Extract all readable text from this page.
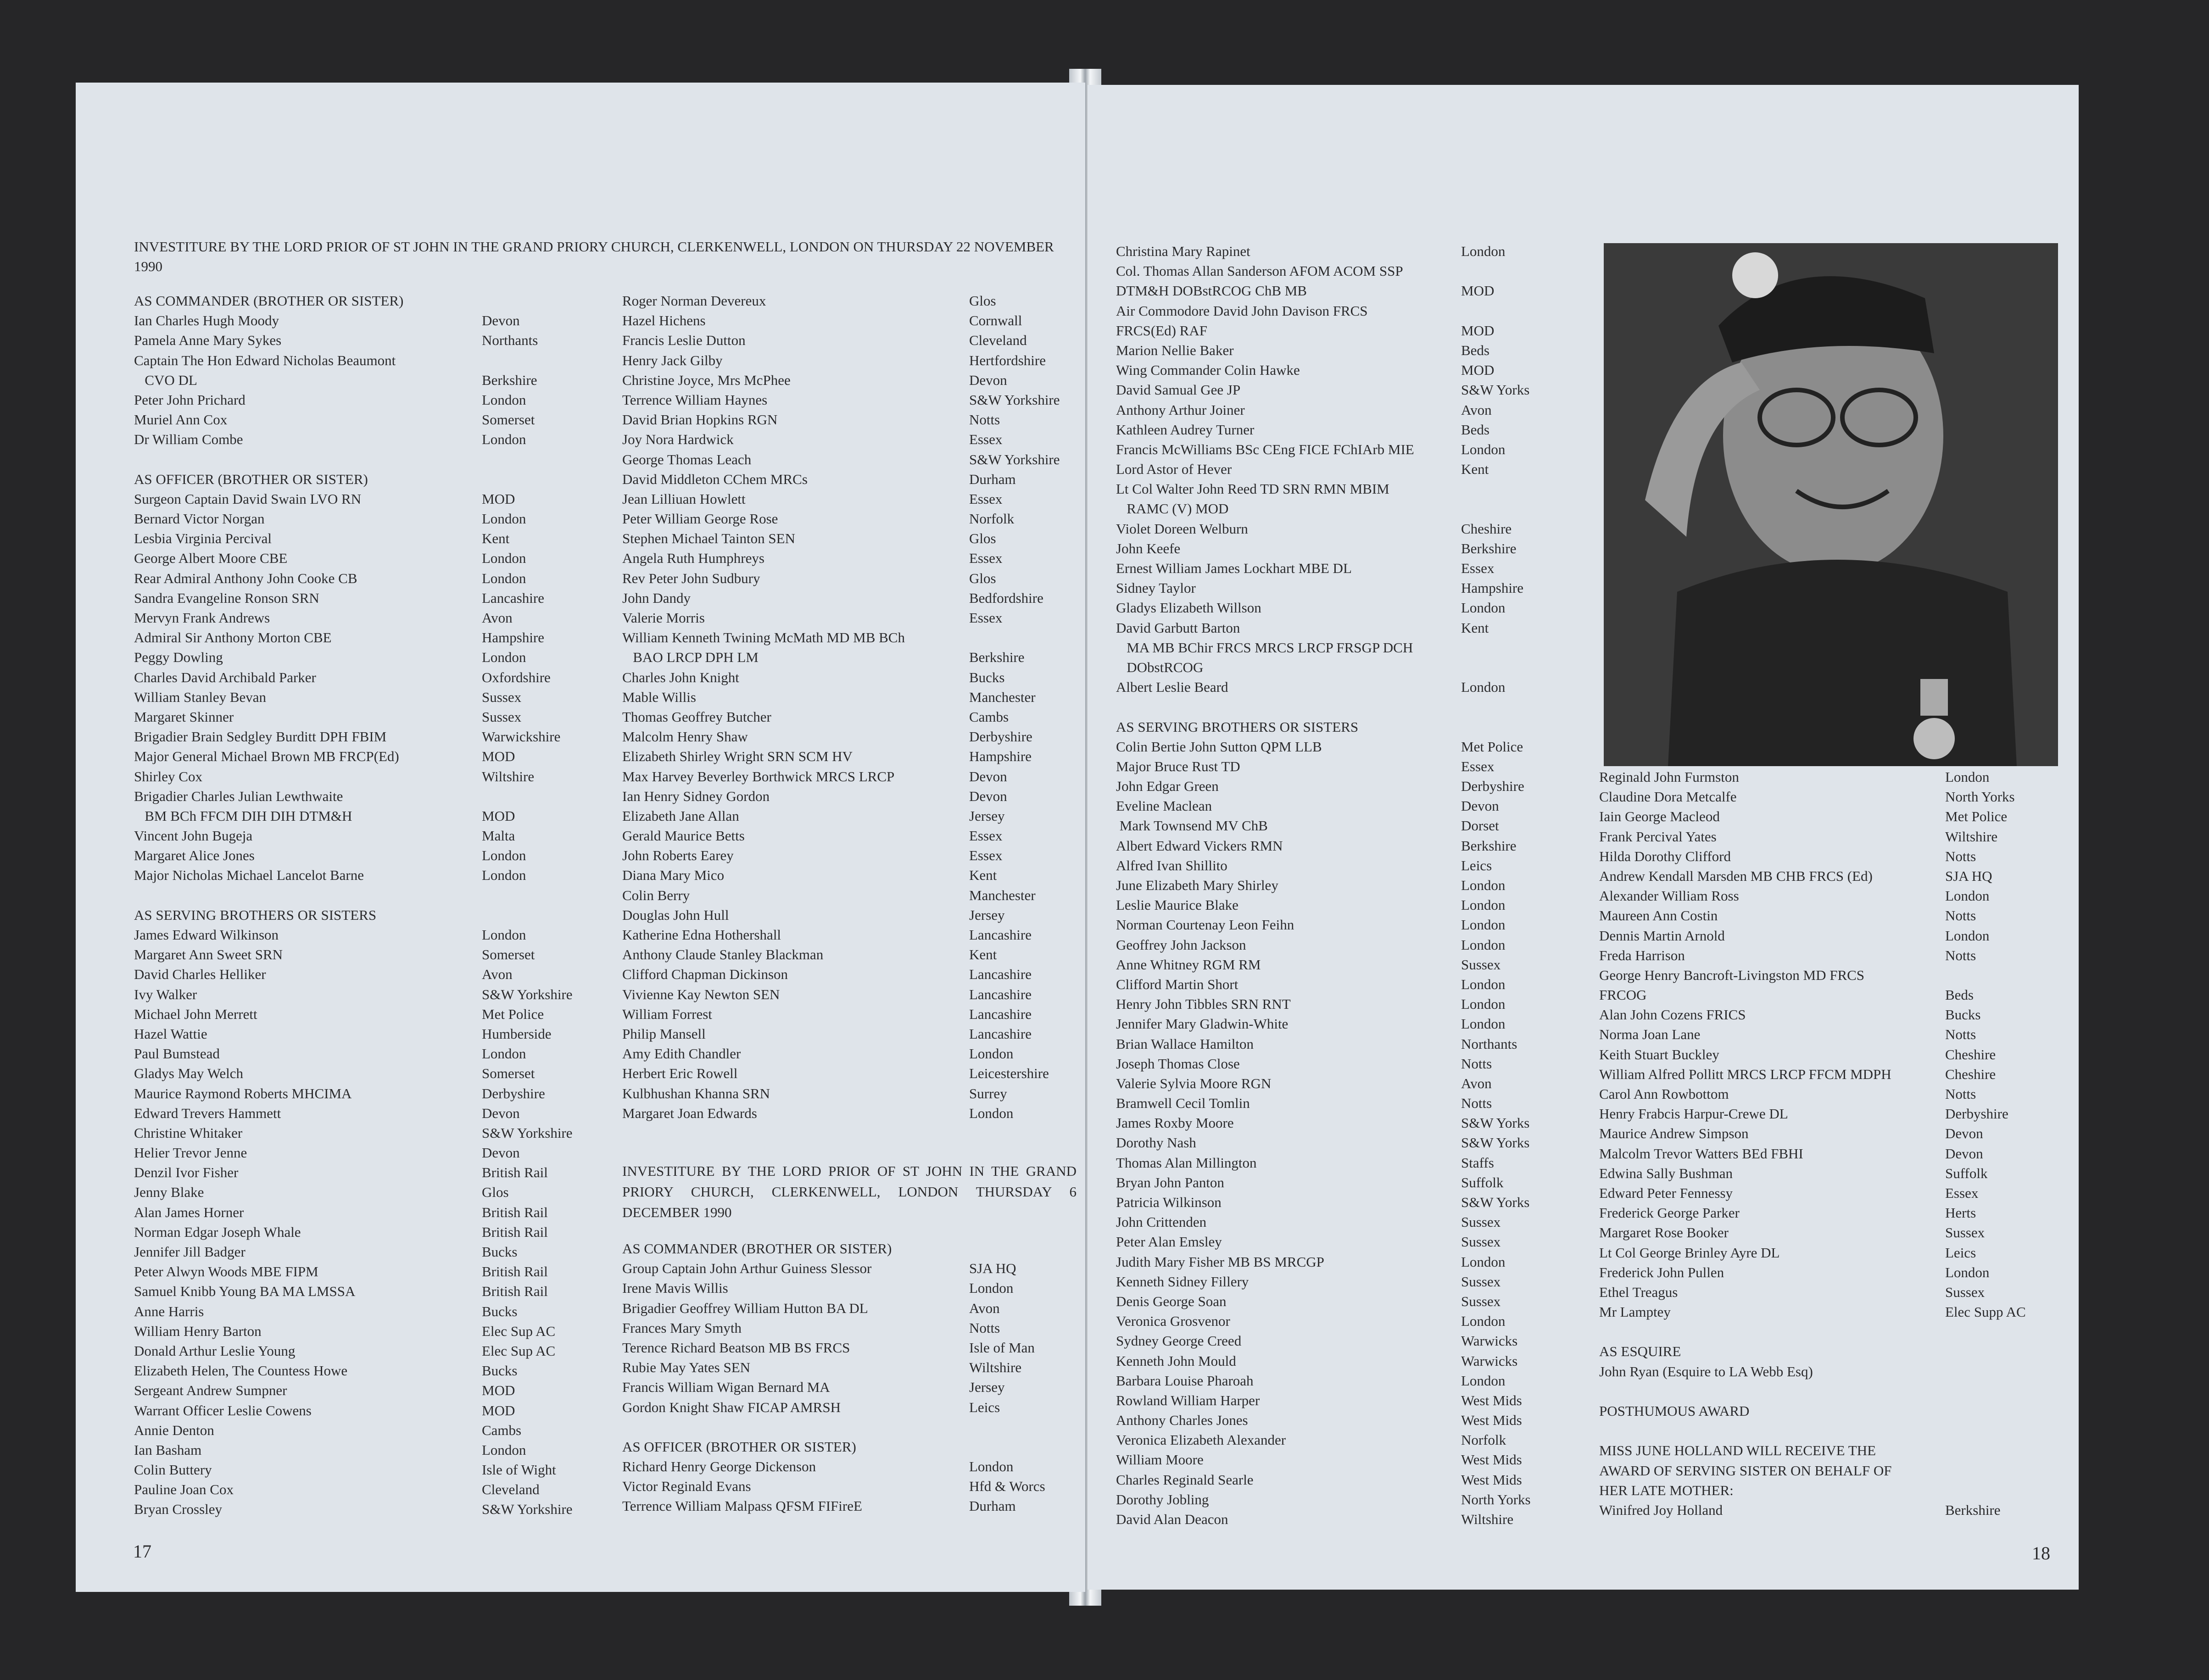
INVESTITURE BY THE LORD PRIOR OF ST JOHN IN THE GRAND PRIORY CHURCH, CLERKENWELL, LONDON ON THURSDAY 22 NOVEMBER 1990
AS COMMANDER (BROTHER OR SISTER)
Ian Charles Hugh Moody	Devon
Pamela Anne Mary Sykes	Northants
Captain The Hon Edward Nicholas Beaumont
CVO DL	Berkshire
Peter John Prichard	London
Muriel Ann Cox	Somerset
Dr William Combe	London
AS OFFICER (BROTHER OR SISTER)
Surgeon Captain David Swain LVO RN	MOD
Bernard Victor Norgan	London
Lesbia Virginia Percival	Kent
George Albert Moore CBE	London
Rear Admiral Anthony John Cooke CB	London
Sandra Evangeline Ronson SRN	Lancashire
Mervyn Frank Andrews	Avon
Admiral Sir Anthony Morton CBE	Hampshire
Peggy Dowling	London
Charles David Archibald Parker	Oxfordshire
William Stanley Bevan	Sussex
Margaret Skinner	Sussex
Brigadier Brain Sedgley Burditt DPH FBIM	Warwickshire
Major General Michael Brown MB FRCP(Ed)	MOD
Shirley Cox	Wiltshire
Brigadier Charles Julian Lewthwaite
BM BCh FFCM DIH DIH DTM&H	MOD
Vincent John Bugeja	Malta
Margaret Alice Jones	London
Major Nicholas Michael Lancelot Barne	London
AS SERVING BROTHERS OR SISTERS
James Edward Wilkinson	London
Margaret Ann Sweet SRN	Somerset
David Charles Helliker	Avon
Ivy Walker	S&W Yorkshire
Michael John Merrett	Met Police
Hazel Wattie	Humberside
Paul Bumstead	London
Gladys May Welch	Somerset
Maurice Raymond Roberts MHCIMA	Derbyshire
Edward Trevers Hammett	Devon
Christine Whitaker	S&W Yorkshire
Helier Trevor Jenne	Devon
Denzil Ivor Fisher	British Rail
Jenny Blake	Glos
Alan James Horner	British Rail
Norman Edgar Joseph Whale	British Rail
Jennifer Jill Badger	Bucks
Peter Alwyn Woods MBE FIPM	British Rail
Samuel Knibb Young BA MA LMSSA	British Rail
Anne Harris	Bucks
William Henry Barton	Elec Sup AC
Donald Arthur Leslie Young	Elec Sup AC
Elizabeth Helen, The Countess Howe	Bucks
Sergeant Andrew Sumpner	MOD
Warrant Officer Leslie Cowens	MOD
Annie Denton	Cambs
Ian Basham	London
Colin Buttery	Isle of Wight
Pauline Joan Cox	Cleveland
Bryan Crossley	S&W Yorkshire
Roger Norman Devereux	Glos
Hazel Hichens	Cornwall
Francis Leslie Dutton	Cleveland
Henry Jack Gilby	Hertfordshire
Christine Joyce, Mrs McPhee	Devon
Terrence William Haynes	S&W Yorkshire
David Brian Hopkins RGN	Notts
Joy Nora Hardwick	Essex
George Thomas Leach	S&W Yorkshire
David Middleton CChem MRCs	Durham
Jean Lilliuan Howlett	Essex
Peter William George Rose	Norfolk
Stephen Michael Tainton SEN	Glos
Angela Ruth Humphreys	Essex
Rev Peter John Sudbury	Glos
John Dandy	Bedfordshire
Valerie Morris	Essex
William Kenneth Twining McMath MD MB BCh
BAO LRCP DPH LM	Berkshire
Charles John Knight	Bucks
Mable Willis	Manchester
Thomas Geoffrey Butcher	Cambs
Malcolm Henry Shaw	Derbyshire
Elizabeth Shirley Wright SRN SCM HV	Hampshire
Max Harvey Beverley Borthwick MRCS LRCP	Devon
Ian Henry Sidney Gordon	Devon
Elizabeth Jane Allan	Jersey
Gerald Maurice Betts	Essex
John Roberts Earey	Essex
Diana Mary Mico	Kent
Colin Berry	Manchester
Douglas John Hull	Jersey
Katherine Edna Hothershall	Lancashire
Anthony Claude Stanley Blackman	Kent
Clifford Chapman Dickinson	Lancashire
Vivienne Kay Newton SEN	Lancashire
William Forrest	Lancashire
Philip Mansell	Lancashire
Amy Edith Chandler	London
Herbert Eric Rowell	Leicestershire
Kulbhushan Khanna SRN	Surrey
Margaret Joan Edwards	London
INVESTITURE BY THE LORD PRIOR OF ST JOHN IN THE GRAND PRIORY CHURCH, CLERKENWELL, LONDON THURSDAY 6 DECEMBER 1990
AS COMMANDER (BROTHER OR SISTER)
Group Captain John Arthur Guiness Slessor	SJA HQ
Irene Mavis Willis	London
Brigadier Geoffrey William Hutton BA DL	Avon
Frances Mary Smyth	Notts
Terence Richard Beatson MB BS FRCS	Isle of Man
Rubie May Yates SEN	Wiltshire
Francis William Wigan Bernard MA	Jersey
Gordon Knight Shaw FICAP AMRSH	Leics
AS OFFICER (BROTHER OR SISTER)
Richard Henry George Dickenson	London
Victor Reginald Evans	Hfd & Worcs
Terrence William Malpass QFSM FIFireE	Durham
Christina Mary Rapinet	London
Col. Thomas Allan Sanderson AFOM ACOM SSP
DTM&H DOBstRCOG ChB MB	MOD
Air Commodore David John Davison FRCS
FRCS(Ed) RAF	MOD
Marion Nellie Baker	Beds
Wing Commander Colin Hawke	MOD
David Samual Gee JP	S&W Yorks
Anthony Arthur Joiner	Avon
Kathleen Audrey Turner	Beds
Francis McWilliams BSc CEng FICE FChIArb MIE	London
Lord Astor of Hever	Kent
Lt Col Walter John Reed TD SRN RMN MBIM
RAMC (V) MOD
Violet Doreen Welburn	Cheshire
John Keefe	Berkshire
Ernest William James Lockhart MBE DL	Essex
Sidney Taylor	Hampshire
Gladys Elizabeth Willson	London
David Garbutt Barton	Kent
MA MB BChir FRCS MRCS LRCP FRSGP DCH
DObstRCOG
Albert Leslie Beard	London
AS SERVING BROTHERS OR SISTERS
Colin Bertie John Sutton QPM LLB	Met Police
Major Bruce Rust TD	Essex
John Edgar Green	Derbyshire
Eveline Maclean	Devon
Mark Townsend MV ChB	Dorset
Albert Edward Vickers RMN	Berkshire
Alfred Ivan Shillito	Leics
June Elizabeth Mary Shirley	London
Leslie Maurice Blake	London
Norman Courtenay Leon Feihn	London
Geoffrey John Jackson	London
Anne Whitney RGM RM	Sussex
Clifford Martin Short	London
Henry John Tibbles SRN RNT	London
Jennifer Mary Gladwin-White	London
Brian Wallace Hamilton	Northants
Joseph Thomas Close	Notts
Valerie Sylvia Moore RGN	Avon
Bramwell Cecil Tomlin	Notts
James Roxby Moore	S&W Yorks
Dorothy Nash	S&W Yorks
Thomas Alan Millington	Staffs
Bryan John Panton	Suffolk
Patricia Wilkinson	S&W Yorks
John Crittenden	Sussex
Peter Alan Emsley	Sussex
Judith Mary Fisher MB BS MRCGP	London
Kenneth Sidney Fillery	Sussex
Denis George Soan	Sussex
Veronica Grosvenor	London
Sydney George Creed	Warwicks
Kenneth John Mould	Warwicks
Barbara Louise Pharoah	London
Rowland William Harper	West Mids
Anthony Charles Jones	West Mids
Veronica Elizabeth Alexander	Norfolk
William Moore	West Mids
Charles Reginald Searle	West Mids
Dorothy Jobling	North Yorks
David Alan Deacon	Wiltshire
Reginald John Furmston	London
Claudine Dora Metcalfe	North Yorks
Iain George Macleod	Met Police
Frank Percival Yates	Wiltshire
Hilda Dorothy Clifford	Notts
Andrew Kendall Marsden MB CHB FRCS (Ed)	SJA HQ
Alexander William Ross	London
Maureen Ann Costin	Notts
Dennis Martin Arnold	London
Freda Harrison	Notts
George Henry Bancroft-Livingston MD FRCS
FRCOG	Beds
Alan John Cozens FRICS	Bucks
Norma Joan Lane	Notts
Keith Stuart Buckley	Cheshire
William Alfred Pollitt MRCS LRCP FFCM MDPH	Cheshire
Carol Ann Rowbottom	Notts
Henry Frabcis Harpur-Crewe DL	Derbyshire
Maurice Andrew Simpson	Devon
Malcolm Trevor Watters BEd FBHI	Devon
Edwina Sally Bushman	Suffolk
Edward Peter Fennessy	Essex
Frederick George Parker	Herts
Margaret Rose Booker	Sussex
Lt Col George Brinley Ayre DL	Leics
Frederick John Pullen	London
Ethel Treagus	Sussex
Mr Lamptey	Elec Supp AC
AS ESQUIRE
John Ryan (Esquire to LA Webb Esq)
POSTHUMOUS AWARD
MISS JUNE HOLLAND WILL RECEIVE THE
AWARD OF SERVING SISTER ON BEHALF OF
HER LATE MOTHER:
Winifred Joy Holland	Berkshire
17	18
